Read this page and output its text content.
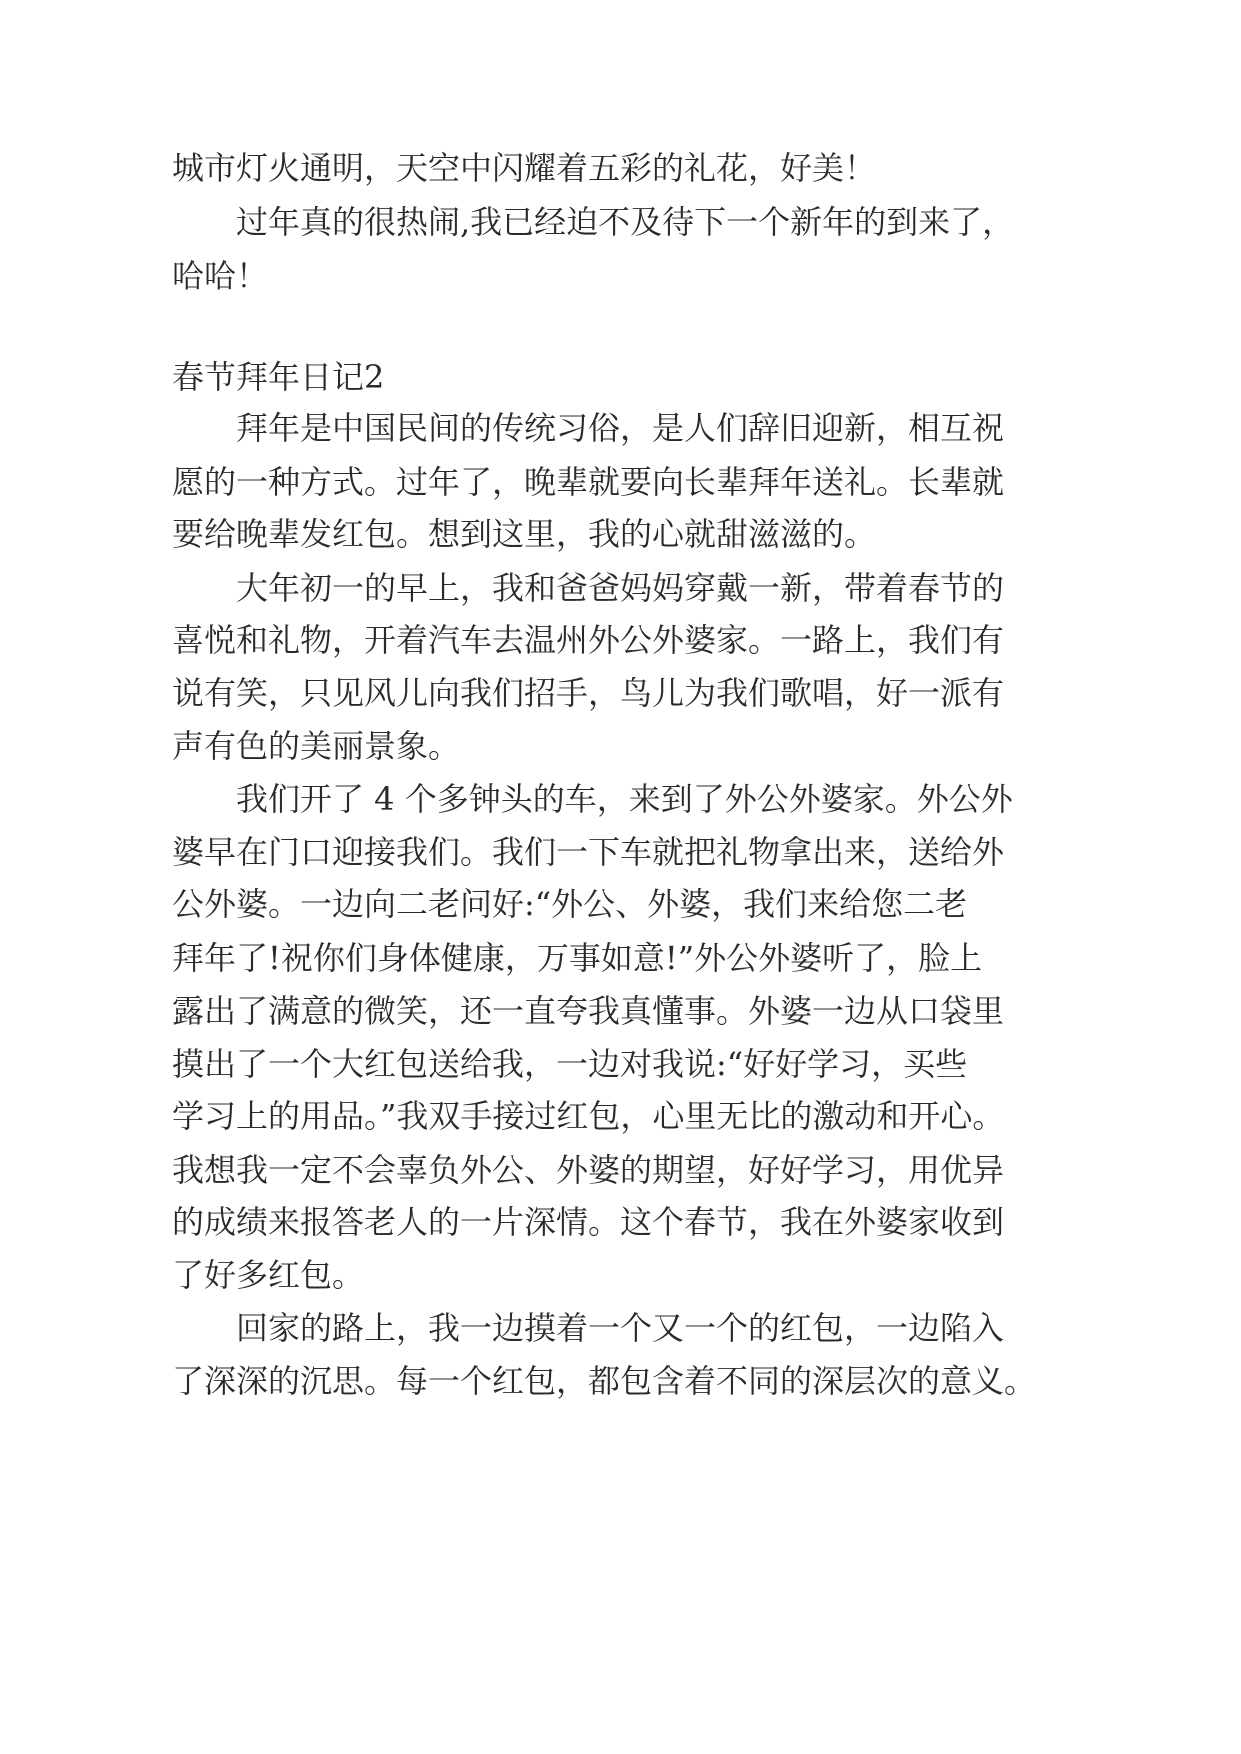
城市灯火通明，天空中闪耀着五彩的礼花，好美！
过年真的很热闹,我已经迫不及待下一个新年的到来了，
哈哈！
春节拜年日记2
拜年是中国民间的传统习俗，是人们辞旧迎新，相互祝
愿的一种方式。过年了，晚辈就要向长辈拜年送礼。长辈就
要给晚辈发红包。想到这里，我的心就甜滋滋的。
大年初一的早上，我和爸爸妈妈穿戴一新，带着春节的
喜悦和礼物，开着汽车去温州外公外婆家。一路上，我们有
说有笑，只见风儿向我们招手，鸟儿为我们歌唱，好一派有
声有色的美丽景象。
我们开了 4 个多钟头的车，来到了外公外婆家。外公外
婆早在门口迎接我们。我们一下车就把礼物拿出来，送给外
公外婆。一边向二老问好:“外公、外婆，我们来给您二老
拜年了!祝你们身体健康，万事如意!”外公外婆听了，脸上
露出了满意的微笑，还一直夸我真懂事。外婆一边从口袋里
摸出了一个大红包送给我，一边对我说:“好好学习，买些
学习上的用品。”我双手接过红包，心里无比的激动和开心。
我想我一定不会辜负外公、外婆的期望，好好学习，用优异
的成绩来报答老人的一片深情。这个春节，我在外婆家收到
了好多红包。
回家的路上，我一边摸着一个又一个的红包，一边陷入
了深深的沉思。每一个红包，都包含着不同的深层次的意义。
